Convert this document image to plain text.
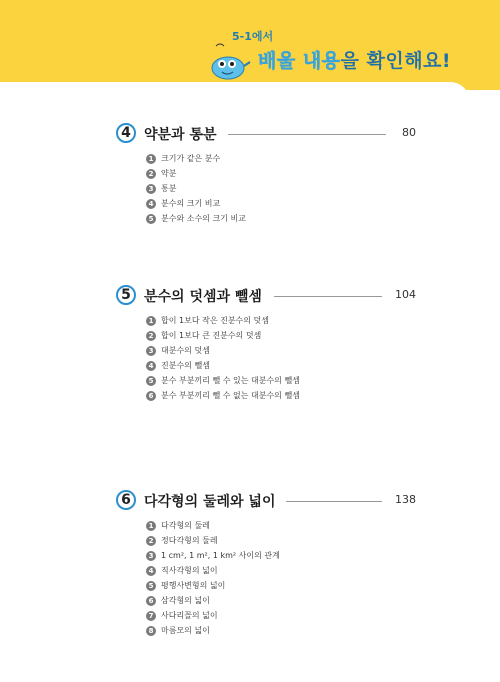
5-1에서
배울 내용을 확인해요!
4 약분과 통분	80
1 크기가 같은 분수
2 약분
3 통분
4 분수의 크기 비교
5 분수와 소수의 크기 비교
5 분수의 덧셈과 뺄셈	104
1 합이 1보다 작은 진분수의 덧셈
2 합이 1보다 큰 진분수의 덧셈
3 대분수의 덧셈
4 진분수의 뺄셈
5 분수 부분끼리 뺄 수 있는 대분수의 뺄셈
6 분수 부분끼리 뺄 수 없는 대분수의 뺄셈
6 다각형의 둘레와 넓이	138
1 다각형의 둘레
2 정다각형의 둘레
3 1 cm², 1 m², 1 km² 사이의 관계
4 직사각형의 넓이
5 평행사변형의 넓이
6 삼각형의 넓이
7 사다리꼴의 넓이
8 마름모의 넓이
